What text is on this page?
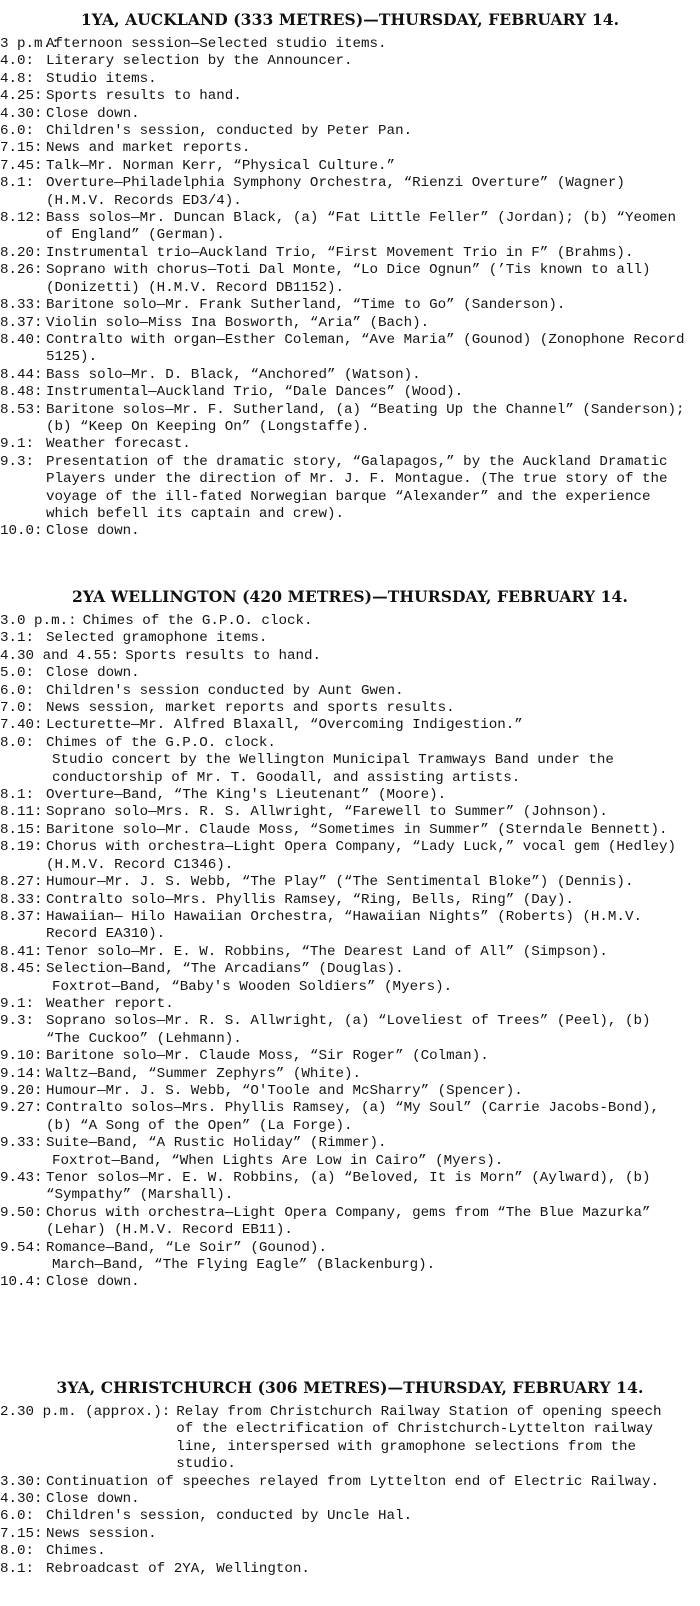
1YA, AUCKLAND (333 METRES)—THURSDAY, FEBRUARY 14.
3 p.m.:
Afternoon session—Selected studio items.
4.0: Literary selection by the Announcer.
4.8: Studio items.
4.25: Sports results to hand.
4.30: Close down.
6.0: Children's session, conducted by Peter Pan.
7.15: News and market reports.
7.45: Talk—Mr. Norman Kerr, “Physical Culture.”
8.1: Overture—Philadelphia Symphony Orchestra, “Rienzi Overture” (Wagner) (H.M.V. Records ED3/4).
8.12: Bass solos—Mr. Duncan Black, (a) “Fat Little Feller” (Jordan); (b) “Yeomen of England” (German).
8.20: Instrumental trio—Auckland Trio, “First Movement Trio in F” (Brahms).
8.26: Soprano with chorus—Toti Dal Monte, “Lo Dice Ognun” (’Tis known to all) (Donizetti) (H.M.V. Record DB1152).
8.33: Baritone solo—Mr. Frank Sutherland, “Time to Go” (Sanderson).
8.37: Violin solo—Miss Ina Bosworth, “Aria” (Bach).
8.40: Contralto with organ—Esther Coleman, “Ave Maria” (Gounod) (Zonophone Record 5125).
8.44: Bass solo—Mr. D. Black, “Anchored” (Watson).
8.48: Instrumental—Auckland Trio, “Dale Dances” (Wood).
8.53: Baritone solos—Mr. F. Sutherland, (a) “Beating Up the Channel” (Sanderson); (b) “Keep On Keeping On” (Longstaffe).
9.1: Weather forecast.
9.3: Presentation of the dramatic story, “Galapagos,” by the Auckland Dramatic Players under the direction of Mr. J. F. Montague. (The true story of the voyage of the ill-fated Norwegian barque “Alexander” and the experience which befell its captain and crew).
10.0: Close down.
2YA WELLINGTON (420 METRES)—THURSDAY, FEBRUARY 14.
3.0 p.m.: Chimes of the G.P.O. clock.
3.1: Selected gramophone items.
4.30 and 4.55: Sports results to hand.
5.0: Close down.
6.0: Children's session conducted by Aunt Gwen.
7.0: News session, market reports and sports results.
7.40: Lecturette—Mr. Alfred Blaxall, “Overcoming Indigestion.”
8.0: Chimes of the G.P.O. clock.
Studio concert by the Wellington Municipal Tramways Band under the conductorship of Mr. T. Goodall, and assisting artists.
8.1: Overture—Band, “The King's Lieutenant” (Moore).
8.11: Soprano solo—Mrs. R. S. Allwright, “Farewell to Summer” (Johnson).
8.15: Baritone solo—Mr. Claude Moss, “Sometimes in Summer” (Sterndale Bennett).
8.19: Chorus with orchestra—Light Opera Company, “Lady Luck,” vocal gem (Hedley) (H.M.V. Record C1346).
8.27: Humour—Mr. J. S. Webb, “The Play” (“The Sentimental Bloke”) (Dennis).
8.33: Contralto solo—Mrs. Phyllis Ramsey, “Ring, Bells, Ring” (Day).
8.37: Hawaiian— Hilo Hawaiian Orchestra, “Hawaiian Nights” (Roberts) (H.M.V. Record EA310).
8.41: Tenor solo—Mr. E. W. Robbins, “The Dearest Land of All” (Simpson).
8.45: Selection—Band, “The Arcadians” (Douglas).
Foxtrot—Band, “Baby's Wooden Soldiers” (Myers).
9.1: Weather report.
9.3: Soprano solos—Mr. R. S. Allwright, (a) “Loveliest of Trees” (Peel), (b) “The Cuckoo” (Lehmann).
9.10: Baritone solo—Mr. Claude Moss, “Sir Roger” (Colman).
9.14: Waltz—Band, “Summer Zephyrs” (White).
9.20: Humour—Mr. J. S. Webb, “O'Toole and McSharry” (Spencer).
9.27: Contralto solos—Mrs. Phyllis Ramsey, (a) “My Soul” (Carrie Jacobs-Bond), (b) “A Song of the Open” (La Forge).
9.33: Suite—Band, “A Rustic Holiday” (Rimmer).
Foxtrot—Band, “When Lights Are Low in Cairo” (Myers).
9.43: Tenor solos—Mr. E. W. Robbins, (a) “Beloved, It is Morn” (Aylward), (b) “Sympathy” (Marshall).
9.50: Chorus with orchestra—Light Opera Company, gems from “The Blue Mazurka” (Lehar) (H.M.V. Record EB11).
9.54: Romance—Band, “Le Soir” (Gounod).
March—Band, “The Flying Eagle” (Blackenburg).
10.4: Close down.
3YA, CHRISTCHURCH (306 METRES)—THURSDAY, FEBRUARY 14.
2.30 p.m. (approx.): Relay from Christchurch Railway Station of opening speech of the electrification of Christchurch-Lyttelton railway line, interspersed with gramophone selections from the studio.
3.30: Continuation of speeches relayed from Lyttelton end of Electric Railway.
4.30: Close down.
6.0: Children's session, conducted by Uncle Hal.
7.15: News session.
8.0: Chimes.
8.1: Rebroadcast of 2YA, Wellington.
